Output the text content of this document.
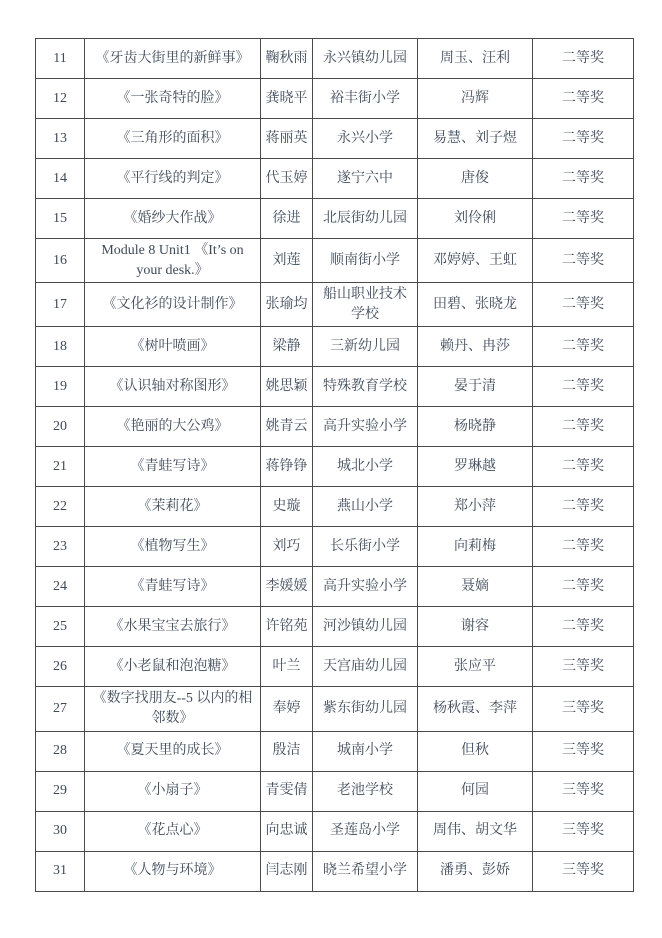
11	《牙齿大街里的新鲜事》	鞠秋雨	永兴镇幼儿园	周玉、汪利	二等奖
12	《一张奇特的脸》	龚晓平	裕丰街小学	冯辉	二等奖
13	《三角形的面积》	蒋丽英	永兴小学	易慧、刘子煜	二等奖
14	《平行线的判定》	代玉婷	遂宁六中	唐俊	二等奖
15	《婚纱大作战》	徐进	北辰街幼儿园	刘伶俐	二等奖
16	Module 8 Unit1 《It’s on your desk.》	刘莲	顺南街小学	邓婷婷、王虹	二等奖
17	《文化衫的设计制作》	张瑜均	船山职业技术学校	田碧、张晓龙	二等奖
18	《树叶喷画》	梁静	三新幼儿园	赖丹、冉莎	二等奖
19	《认识轴对称图形》	姚思颖	特殊教育学校	晏于清	二等奖
20	《艳丽的大公鸡》	姚青云	高升实验小学	杨晓静	二等奖
21	《青蛙写诗》	蒋铮铮	城北小学	罗琳越	二等奖
22	《茉莉花》	史璇	燕山小学	郑小萍	二等奖
23	《植物写生》	刘巧	长乐街小学	向莉梅	二等奖
24	《青蛙写诗》	李媛媛	高升实验小学	聂嫡	二等奖
25	《水果宝宝去旅行》	许铭苑	河沙镇幼儿园	谢容	二等奖
26	《小老鼠和泡泡糖》	叶兰	天宫庙幼儿园	张应平	三等奖
27	《数字找朋友--5 以内的相邻数》	奉婷	紫东街幼儿园	杨秋霞、李萍	三等奖
28	《夏天里的成长》	殷洁	城南小学	但秋	三等奖
29	《小扇子》	青雯倩	老池学校	何园	三等奖
30	《花点心》	向忠诚	圣莲岛小学	周伟、胡文华	三等奖
31	《人物与环境》	闫志刚	晓兰希望小学	潘勇、彭娇	三等奖
